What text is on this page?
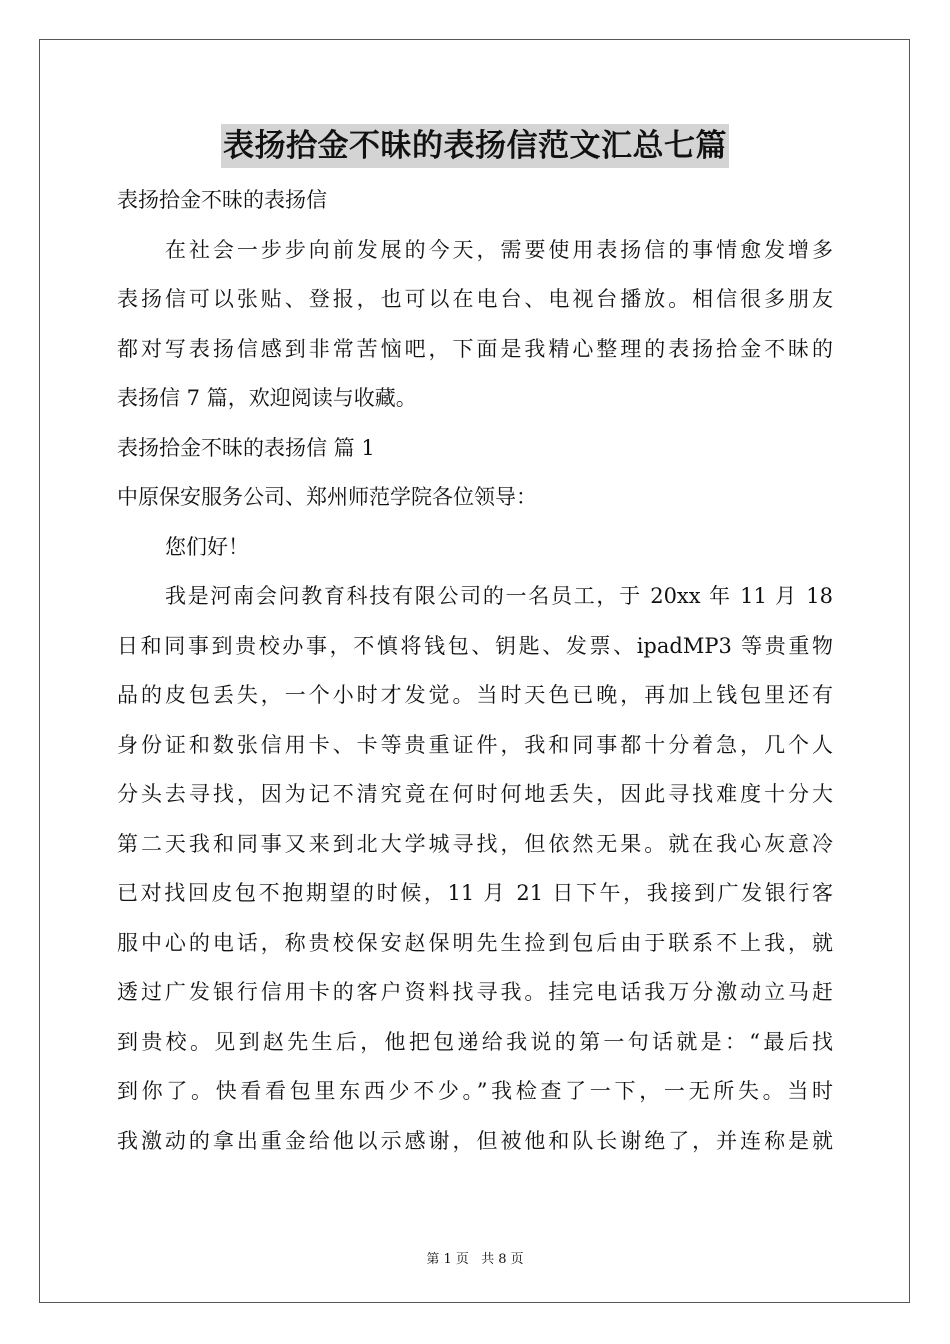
表扬拾金不昧的表扬信范文汇总七篇
表扬拾金不昧的表扬信
在社会一步步向前发展的今天，需要使用表扬信的事情愈发增多
表扬信可以张贴、登报，也可以在电台、电视台播放。相信很多朋友
都对写表扬信感到非常苦恼吧，下面是我精心整理的表扬拾金不昧的
表扬信 7 篇，欢迎阅读与收藏。
表扬拾金不昧的表扬信 篇 1
中原保安服务公司、郑州师范学院各位领导：
您们好！
我是河南会问教育科技有限公司的一名员工，于 20xx 年 11 月 18
日和同事到贵校办事，不慎将钱包、钥匙、发票、ipadMP3 等贵重物
品的皮包丢失，一个小时才发觉。当时天色已晚，再加上钱包里还有
身份证和数张信用卡、卡等贵重证件，我和同事都十分着急，几个人
分头去寻找，因为记不清究竟在何时何地丢失，因此寻找难度十分大
第二天我和同事又来到北大学城寻找，但依然无果。就在我心灰意冷
已对找回皮包不抱期望的时候，11 月 21 日下午，我接到广发银行客
服中心的电话，称贵校保安赵保明先生捡到包后由于联系不上我，就
透过广发银行信用卡的客户资料找寻我。挂完电话我万分激动立马赶
到贵校。见到赵先生后，他把包递给我说的第一句话就是：“最后找
到你了。快看看包里东西少不少。”我检查了一下，一无所失。当时
我激动的拿出重金给他以示感谢，但被他和队长谢绝了，并连称是就
第 1 页 共 8 页
